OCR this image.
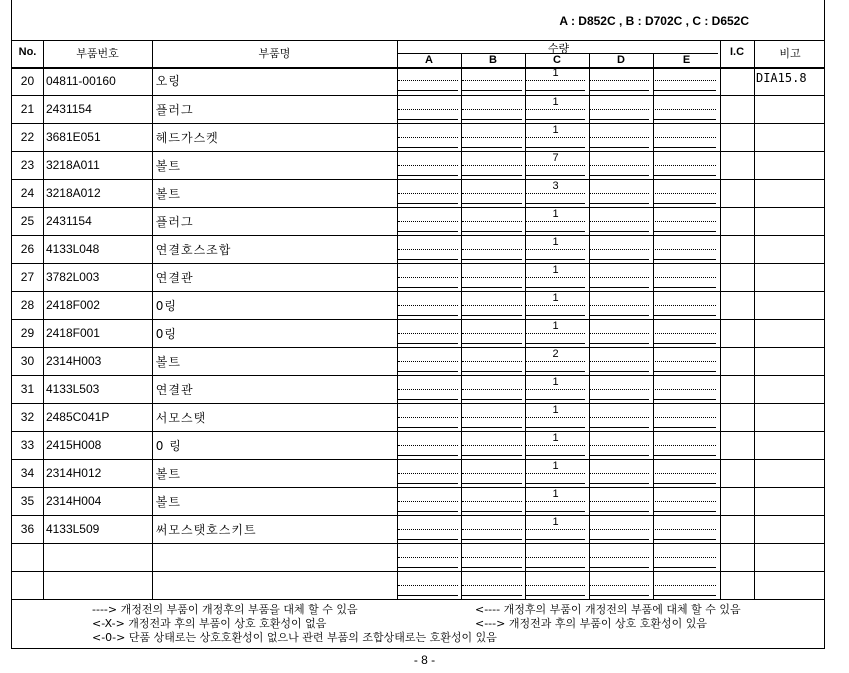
A : D852C , B : D702C , C : D652C
No.	부품번호	부품명	수량
A	B	C	D	E
I.C	비고
20	04811-00160	오링			1				DIA15.8
21	2431154	플러그			1				

22	3681E051	헤드가스켓			1				

23	3218A011	볼트			7				

24	3218A012	볼트			3				

25	2431154	플러그			1				

26	4133L048	연결호스조합			1				

27	3782L003	연결관			1				

28	2418F002	0링			1				

29	2418F001	0링			1				

30	2314H003	볼트			2				

31	4133L503	연결관			1				

32	2485C041P	서모스탯			1				

33	2415H008	0 링			1				

34	2314H012	볼트			1				

35	2314H004	볼트			1				

36	4133L509	써모스탯호스키트			1				

----> 개정전의 부품이 개정후의 부품을 대체 할 수 있음	<---- 개정후의 부품이 개정전의 부품에 대체 할 수 있음
<-X-> 개정전과 후의 부품이 상호 호환성이 없음	<---> 개정전과 후의 부품이 상호 호환성이 있음
<-0-> 단품 상태로는 상호호환성이 없으나 관련 부품의 조합상태로는 호환성이 있음
- 8 -
